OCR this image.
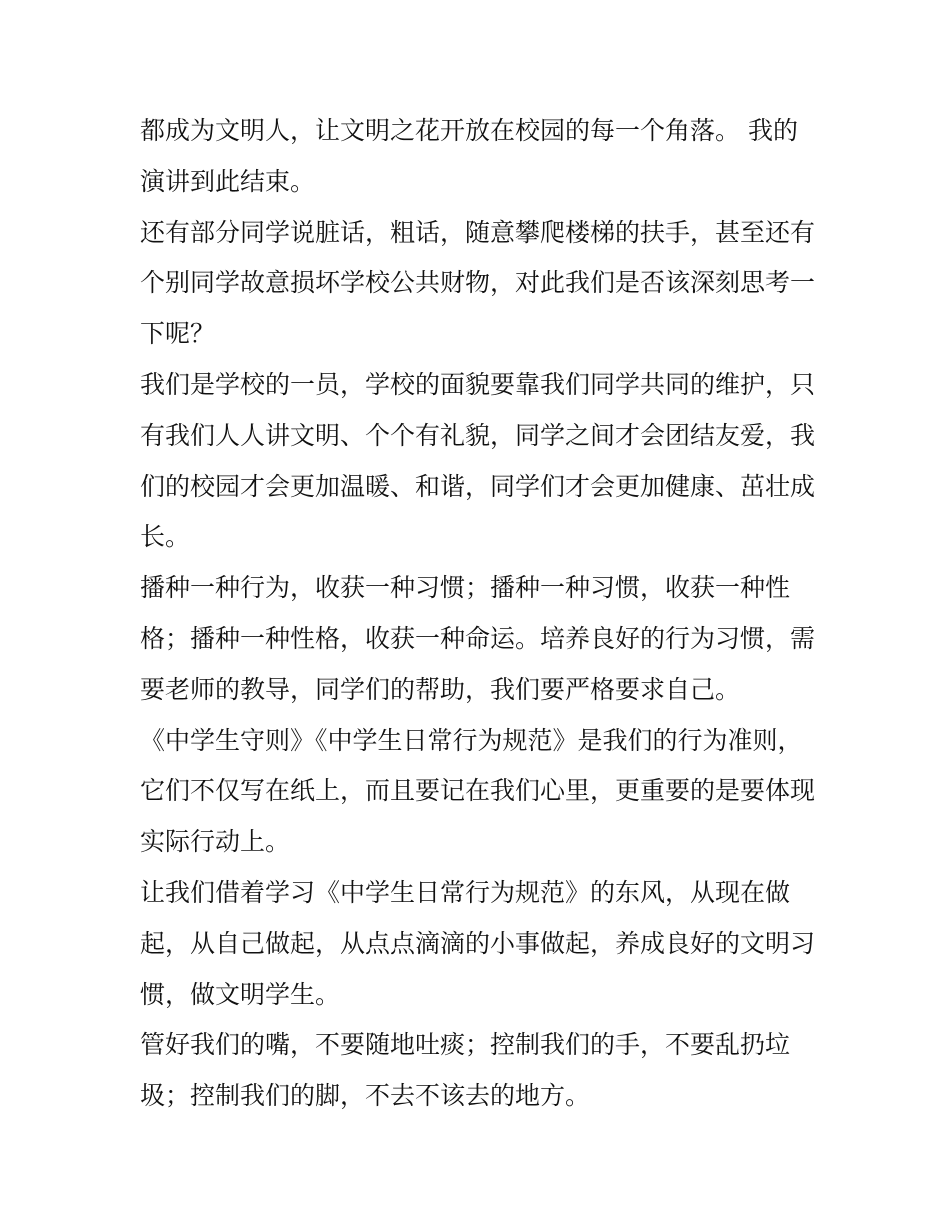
都成为文明人，让文明之花开放在校园的每一个角落。 我的演讲到此结束。

还有部分同学说脏话，粗话，随意攀爬楼梯的扶手，甚至还有个别同学故意损坏学校公共财物，对此我们是否该深刻思考一下呢？

我们是学校的一员，学校的面貌要靠我们同学共同的维护，只有我们人人讲文明、个个有礼貌，同学之间才会团结友爱，我们的校园才会更加温暖、和谐，同学们才会更加健康、茁壮成长。

播种一种行为，收获一种习惯；播种一种习惯，收获一种性格；播种一种性格，收获一种命运。培养良好的行为习惯，需要老师的教导，同学们的帮助，我们要严格要求自己。

《中学生守则》《中学生日常行为规范》是我们的行为准则，它们不仅写在纸上，而且要记在我们心里，更重要的是要体现实际行动上。

让我们借着学习《中学生日常行为规范》的东风，从现在做起，从自己做起，从点点滴滴的小事做起，养成良好的文明习惯，做文明学生。

管好我们的嘴，不要随地吐痰；控制我们的手，不要乱扔垃圾；控制我们的脚，不去不该去的地方。
